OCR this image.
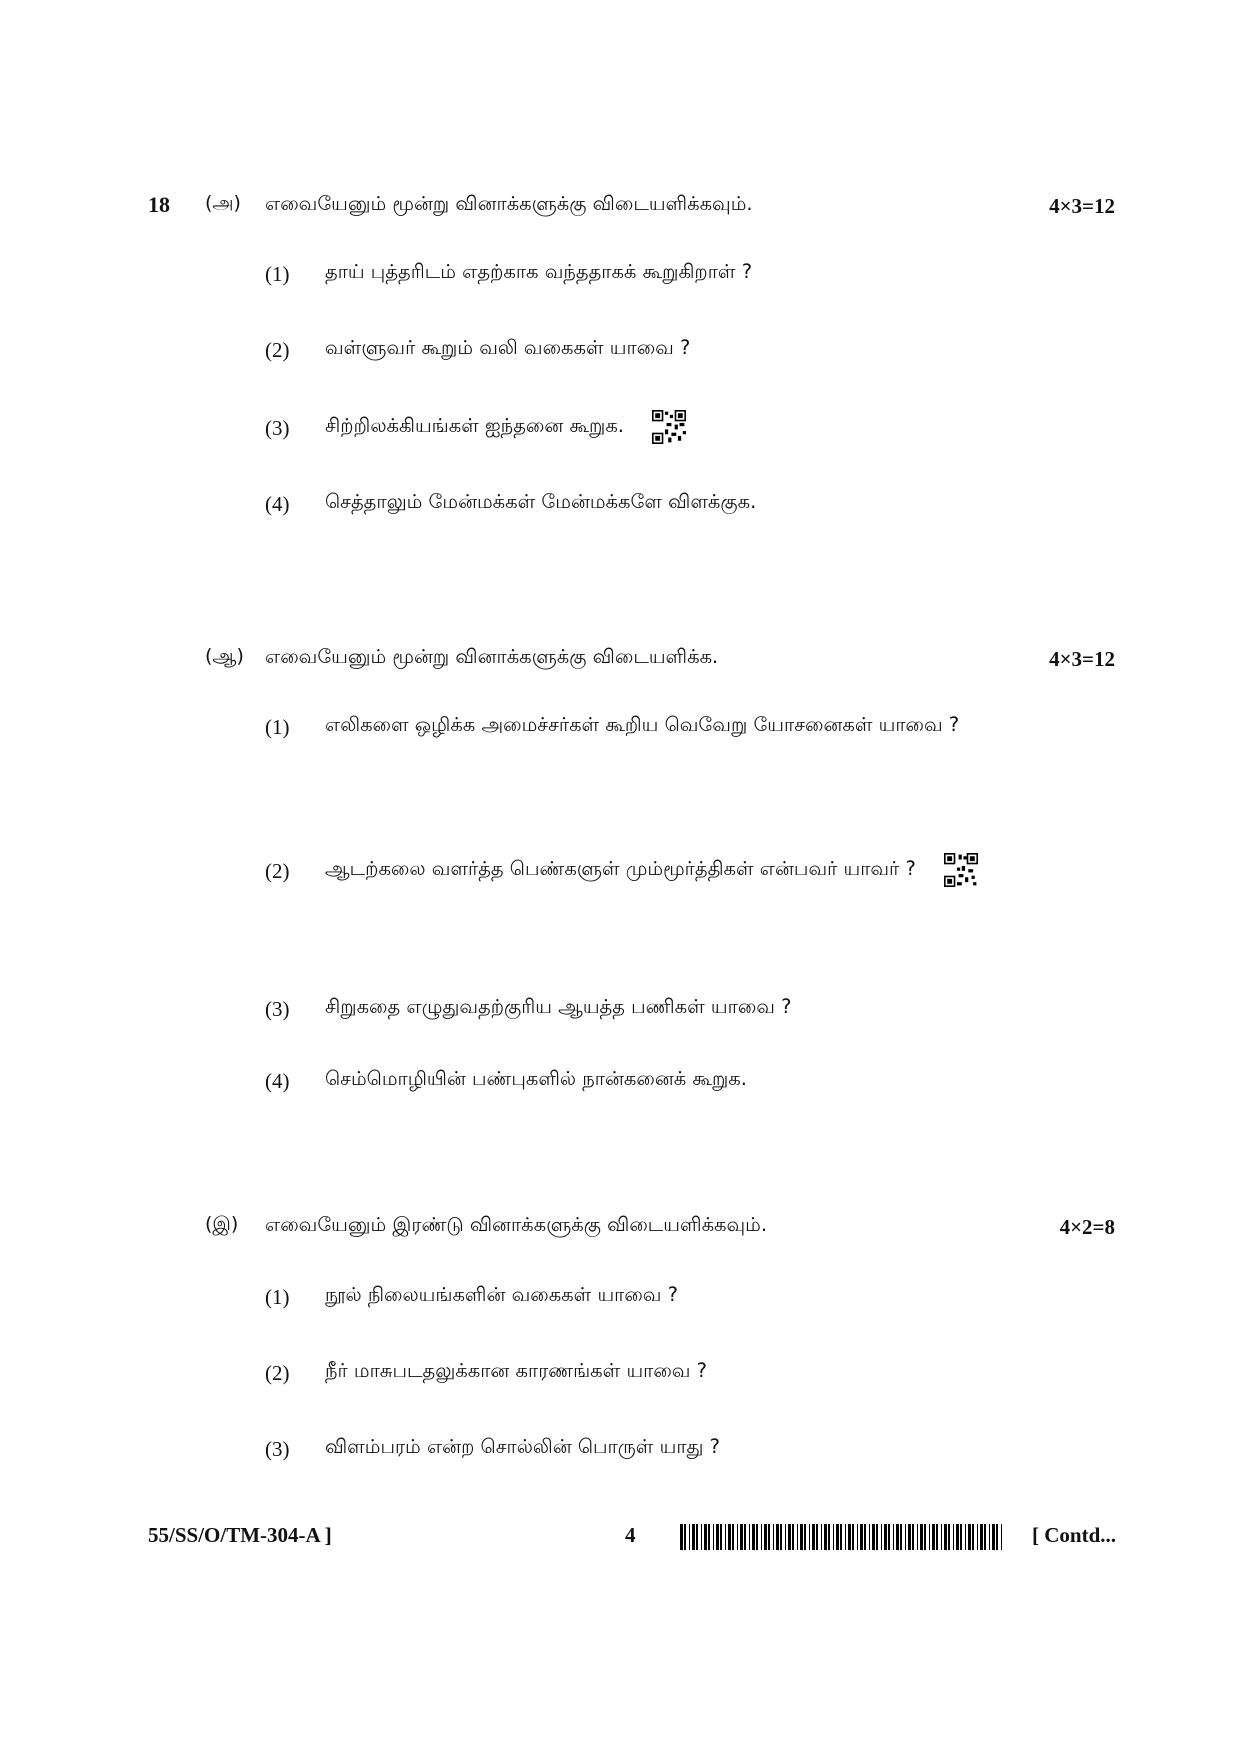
18 (அ) எவையேனும் மூன்று வினாக்களுக்கு விடையளிக்கவும்.	4×3=12
(1) தாய் புத்தரிடம் எதற்காக வந்ததாகக் கூறுகிறாள் ?
(2) வள்ளுவர் கூறும் வலி வகைகள் யாவை ?
(3) சிற்றிலக்கியங்கள் ஐந்தனை கூறுக.
(4) செத்தாலும் மேன்மக்கள் மேன்மக்களே விளக்குக.
(ஆ) எவையேனும் மூன்று வினாக்களுக்கு விடையளிக்க.	4×3=12
(1) எலிகளை ஒழிக்க அமைச்சர்கள் கூறிய வெவேறு யோசனைகள் யாவை ?
(2) ஆடற்கலை வளர்த்த பெண்களுள் மும்மூர்த்திகள் என்பவர் யாவர் ?
(3) சிறுகதை எழுதுவதற்குரிய ஆயத்த பணிகள் யாவை ?
(4) செம்மொழியின் பண்புகளில் நான்கனைக் கூறுக.
(இ) எவையேனும் இரண்டு வினாக்களுக்கு விடையளிக்கவும்.	4×2=8
(1) நூல் நிலையங்களின் வகைகள் யாவை ?
(2) நீர் மாசுபடதலுக்கான காரணங்கள் யாவை ?
(3) விளம்பரம் என்ற சொல்லின் பொருள் யாது ?
55/SS/O/TM-304-A ]	4	[ Contd...
